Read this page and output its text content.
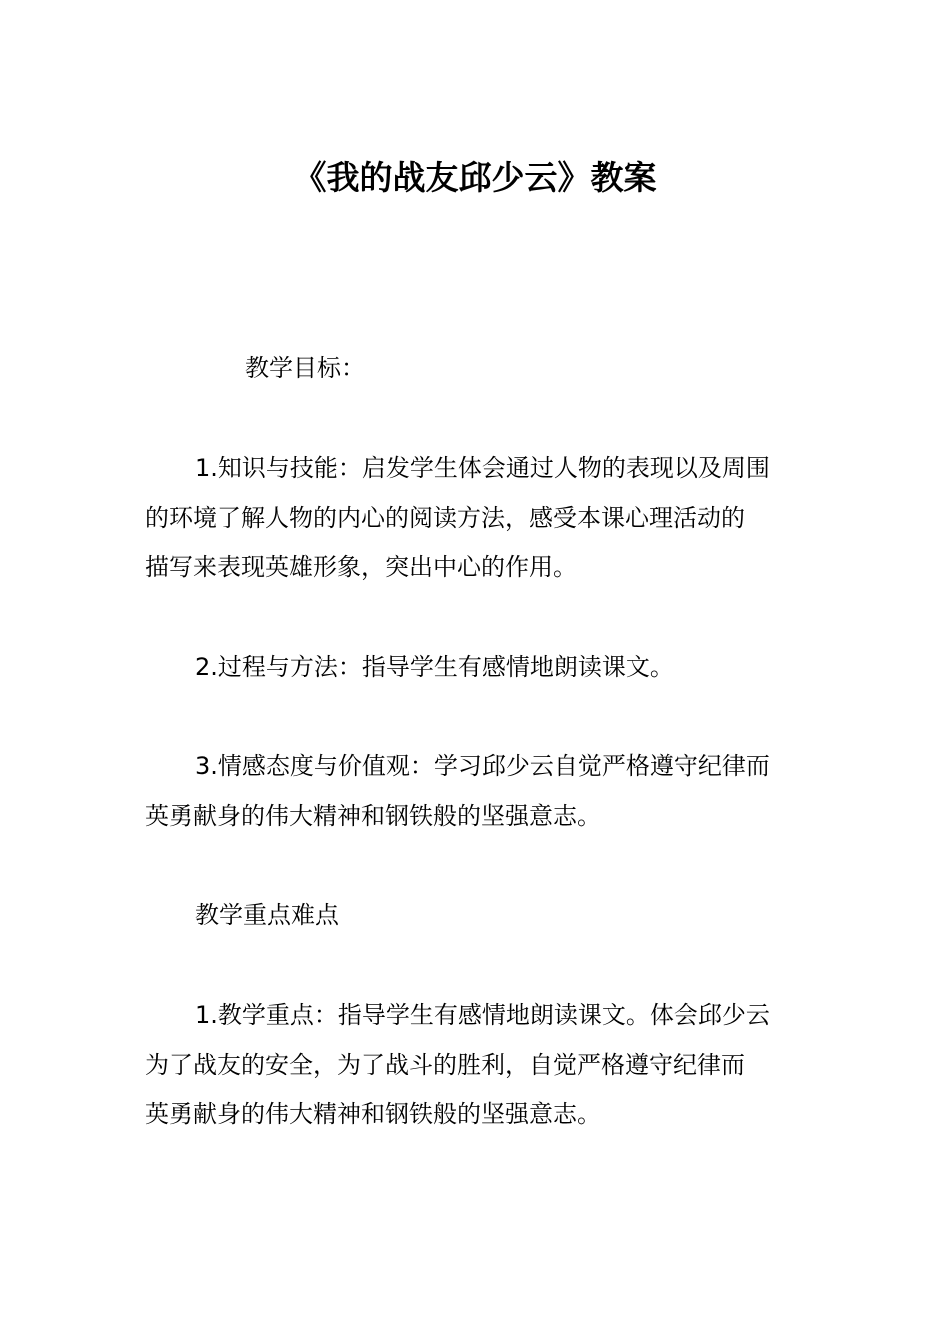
《我的战友邱少云》教案
教学目标：
1.知识与技能：启发学生体会通过人物的表现以及周围
的环境了解人物的内心的阅读方法，感受本课心理活动的
描写来表现英雄形象，突出中心的作用。
2.过程与方法：指导学生有感情地朗读课文。
3.情感态度与价值观：学习邱少云自觉严格遵守纪律而
英勇献身的伟大精神和钢铁般的坚强意志。
教学重点难点
1.教学重点：指导学生有感情地朗读课文。体会邱少云
为了战友的安全，为了战斗的胜利，自觉严格遵守纪律而
英勇献身的伟大精神和钢铁般的坚强意志。
